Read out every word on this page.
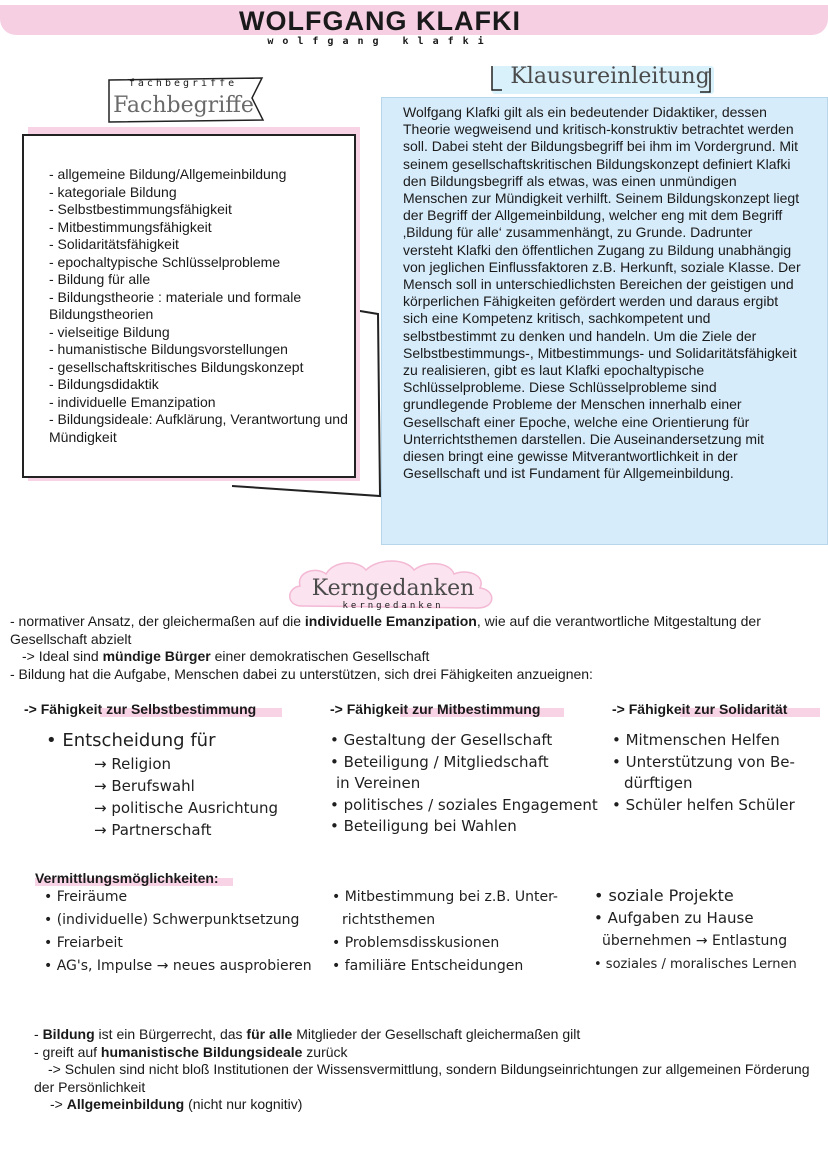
WOLFGANG KLAFKI
wolfgang klafki
fachbegriffe
Fachbegriffe
- allgemeine Bildung/Allgemeinbildung
- kategoriale Bildung
- Selbstbestimmungsfähigkeit
- Mitbestimmungsfähigkeit
- Solidaritätsfähigkeit
- epochaltypische Schlüsselprobleme
- Bildung für alle
- Bildungstheorie : materiale und formale Bildungstheorien
- vielseitige Bildung
- humanistische Bildungsvorstellungen
- gesellschaftskritisches Bildungskonzept
- Bildungsdidaktik
- individuelle Emanzipation
- Bildungsideale: Aufklärung, Verantwortung und Mündigkeit
Klausureinleitung
Wolfgang Klafki gilt als ein bedeutender Didaktiker, dessen Theorie wegweisend und kritisch-konstruktiv betrachtet werden soll. Dabei steht der Bildungsbegriff bei ihm im Vordergrund. Mit seinem gesellschaftskritischen Bildungskonzept definiert Klafki den Bildungsbegriff als etwas, was einen unmündigen Menschen zur Mündigkeit verhilft. Seinem Bildungskonzept liegt der Begriff der Allgemeinbildung, welcher eng mit dem Begriff ‚Bildung für alle‘ zusammenhängt, zu Grunde. Dadrunter versteht Klafki den öffentlichen Zugang zu Bildung unabhängig von jeglichen Einflussfaktoren z.B. Herkunft, soziale Klasse. Der Mensch soll in unterschiedlichsten Bereichen der geistigen und körperlichen Fähigkeiten gefördert werden und daraus ergibt sich eine Kompetenz kritisch, sachkompetent und selbstbestimmt zu denken und handeln. Um die Ziele der Selbstbestimmungs-, Mitbestimmungs- und Solidaritätsfähigkeit zu realisieren, gibt es laut Klafki epochaltypische Schlüsselprobleme. Diese Schlüsselprobleme sind grundlegende Probleme der Menschen innerhalb einer Gesellschaft einer Epoche, welche eine Orientierung für Unterrichtsthemen darstellen. Die Auseinandersetzung mit diesen bringt eine gewisse Mitverantwortlichkeit in der Gesellschaft und ist Fundament für Allgemeinbildung.
Kerngedanken
kerngedanken
- normativer Ansatz, der gleichermaßen auf die individuelle Emanzipation, wie auf die verantwortliche Mitgestaltung der Gesellschaft abzielt
-> Ideal sind mündige Bürger einer demokratischen Gesellschaft
- Bildung hat die Aufgabe, Menschen dabei zu unterstützen, sich drei Fähigkeiten anzueignen:
-> Fähigkeit zur Selbstbestimmung	-> Fähigkeit zur Mitbestimmung	-> Fähigkeit zur Solidarität
• Entscheidung für
→ Religion
→ Berufswahl
→ politische Ausrichtung
→ Partnerschaft
• Gestaltung der Gesellschaft
• Beteiligung / Mitgliedschaft
in Vereinen
• politisches / soziales Engagement
• Beteiligung bei Wahlen
• Mitmenschen Helfen
• Unterstützung von Be-
dürftigen
• Schüler helfen Schüler
Vermittlungsmöglichkeiten:
• Freiräume
• (individuelle) Schwerpunktsetzung
• Freiarbeit
• AG's, Impulse → neues ausprobieren
• Mitbestimmung bei z.B. Unter-
richtsthemen
• Problemsdisskusionen
• familiäre Entscheidungen
• soziale Projekte
• Aufgaben zu Hause
übernehmen → Entlastung
• soziales / moralisches Lernen
- Bildung ist ein Bürgerrecht, das für alle Mitglieder der Gesellschaft gleichermaßen gilt
- greift auf humanistische Bildungsideale zurück
-> Schulen sind nicht bloß Institutionen der Wissensvermittlung, sondern Bildungseinrichtungen zur allgemeinen Förderung der Persönlichkeit
-> Allgemeinbildung (nicht nur kognitiv)
